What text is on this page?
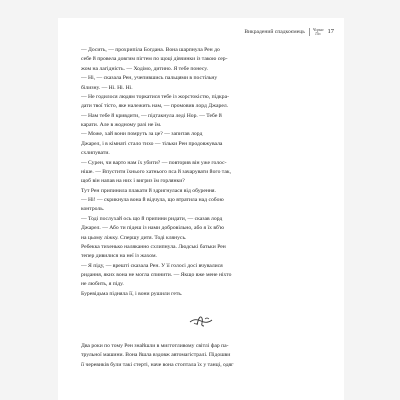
Викрадений спадкоємець Чорна
Ліс 17
— Досить, — прохрипіла Богдана. Вона шарпнула Рен до
себе й провела довгим пігтем по щоці дівчинки із такою сер-
жом на лагідність. — Ходімо, дитино. Я тебе понесу.
— Ні, — сказала Рен, учепившись пальцями в постільну
білизну. — Ні. Ні. Ні.
— Не годилося людям торкатися тебе із жорстокістю, підкра-
дати твої тісто, яке належить нам, — промовив лорд Джарел.
— Нам тебе й кривдити, — підтакнула леді Нор. — Тебе й
карати. Але в жодному разі не їм.
— Може, хай вони помруть за це? — запитав лорд
Джарел, і в кімнаті стало тихо — тільки Рен продовжувала
схлипувати.
— Сурен, чи варто нам їх убити? — повторив він уже голос-
ніше. — Впустити їхнього хатнього пса й зачарувати його так,
щоб він напав на них і вигриз їм горлянки?
Тут Рен припинила плакати й здригнулася від обурення.
— Ні! — скрикнула вона й відчула, що втратила над собою
контроль.
— Тоді послухай ось що й припини ридати, — сказав лорд
Джарел. — Або ти підеш із нами добровільно, або я їх вб'ю
на цьому ліжку. Спершу дитя. Тоді клянусь.
Ребекка тихенько наляканно схлипнула. Людські батьки Рен
тепер дивилися на неї із жахом.
— Я піду, — врешті сказала Рен. У її голосі досі вчувалися
ридання, яких вона не могла спинити. — Якщо вже мене ніхто
не любить, я піду.
Буревідьма підняла її, і вони рушили геть.
Два роки по тому Рен знайшли в мигготливому світлі фар па-
трульної машини. Вона йшла вздовж автомагістралі. Підошви
її черевиків були такі стерті, наче вона стоптала їх у танці, одяг
